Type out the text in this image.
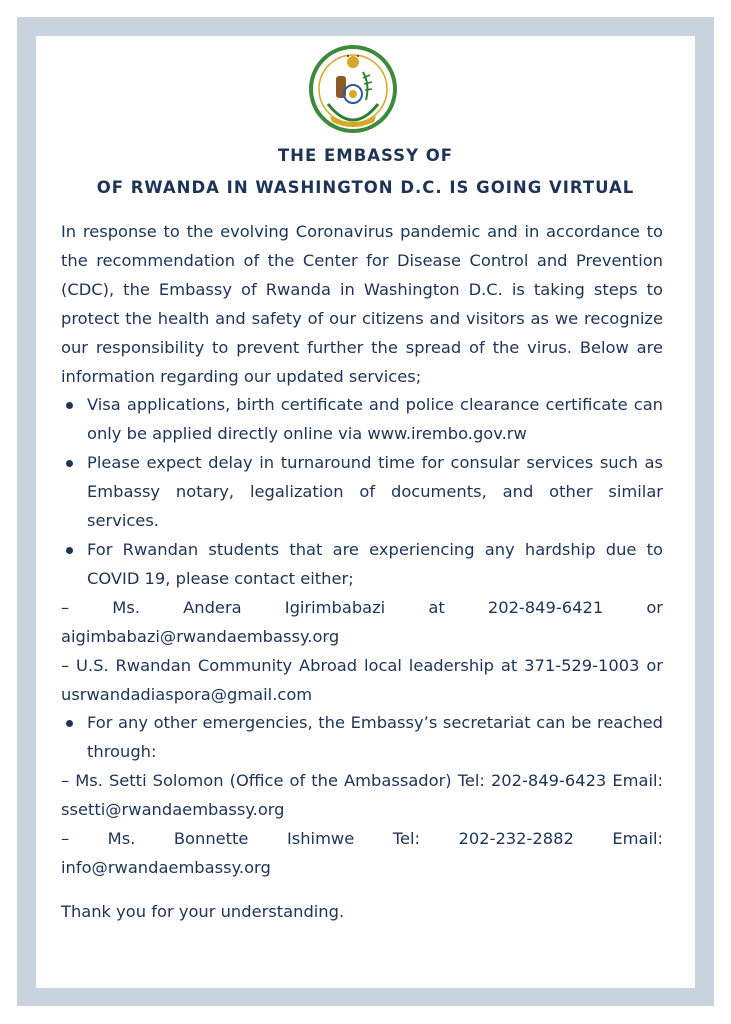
THE EMBASSY OF
OF RWANDA IN WASHINGTON D.C. IS GOING VIRTUAL

In response to the evolving Coronavirus pandemic and in accordance to the recommendation of the Center for Disease Control and Prevention (CDC), the Embassy of Rwanda in Washington D.C. is taking steps to protect the health and safety of our citizens and visitors as we recognize our responsibility to prevent further the spread of the virus. Below are information regarding our updated services;

Visa applications, birth certificate and police clearance certificate can only be applied directly online via www.irembo.gov.rw

Please expect delay in turnaround time for consular services such as Embassy notary, legalization of documents, and other similar services.

For Rwandan students that are experiencing any hardship due to COVID 19, please contact either;

– Ms. Andera Igirimbabazi at 202-849-6421 or

aigimbabazi@rwandaembassy.org

– U.S. Rwandan Community Abroad local leadership at 371-529-1003 or usrwandadiaspora@gmail.com

For any other emergencies, the Embassy’s secretariat can be reached through:

– Ms. Setti Solomon (Office of the Ambassador) Tel: 202-849-6423 Email: ssetti@rwandaembassy.org

– Ms. Bonnette Ishimwe Tel: 202-232-2882 Email:

info@rwandaembassy.org

Thank you for your understanding.
